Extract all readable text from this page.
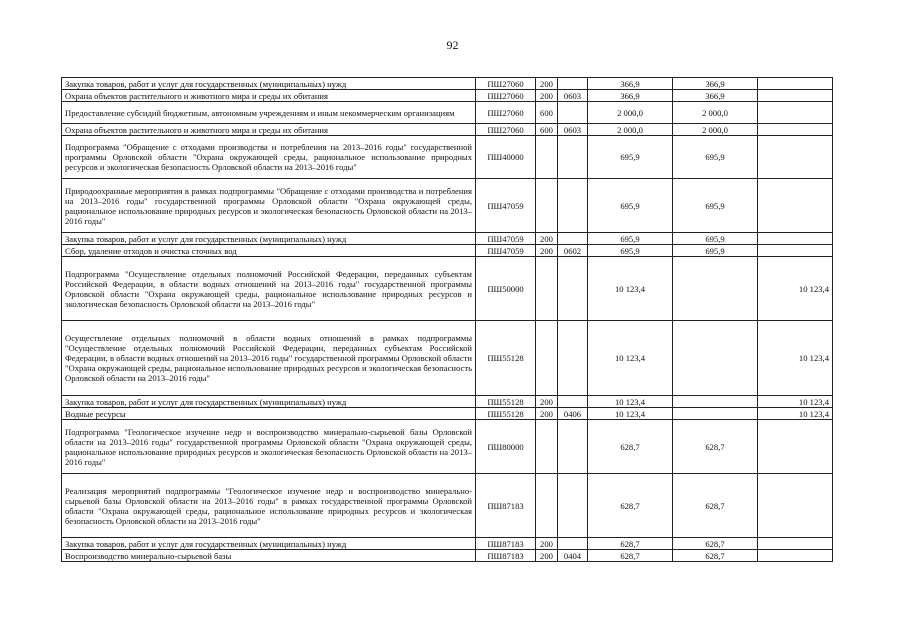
92
Закупка товаров, работ и услуг для государственных (муниципальных) нужд	ПШ27060	200		366,9	366,9	
Охрана объектов растительного и животного мира и среды их обитания	ПШ27060	200	0603	366,9	366,9	
Предоставление субсидий бюджетным, автономным учреждениям и иным некоммерческим организациям	ПШ27060	600		2 000,0	2 000,0	
Охрана объектов растительного и животного мира и среды их обитания	ПШ27060	600	0603	2 000,0	2 000,0	
Подпрограмма "Обращение с отходами производства и потребления на 2013–2016 годы" государственной программы Орловской области "Охрана окружающей среды, рациональное использование природных ресурсов и экологическая безопасность Орловской области на 2013–2016 годы"	ПШ40000			695,9	695,9	
Природоохранные мероприятия в рамках подпрограммы "Обращение с отходами производства и потребления на 2013–2016 годы" государственной программы Орловской области "Охрана окружающей среды, рациональное использование природных ресурсов и экологическая безопасность Орловской области на 2013–2016 годы"	ПШ47059			695,9	695,9	
Закупка товаров, работ и услуг для государственных (муниципальных) нужд	ПШ47059	200		695,9	695,9	
Сбор, удаление отходов и очистка сточных вод	ПШ47059	200	0602	695,9	695,9	
Подпрограмма "Осуществление отдельных полномочий Российской Федерации, переданных субъектам Российской Федерации, в области водных отношений на 2013–2016 годы" государственной программы Орловской области "Охрана окружающей среды, рациональное использование природных ресурсов и экологическая безопасность Орловской области на 2013–2016 годы"	ПШ50000			10 123,4		10 123,4
Осуществление отдельных полномочий в области водных отношений в рамках подпрограммы "Осуществление отдельных полномочий Российской Федерации, переданных субъектам Российской Федерации, в области водных отношений на 2013–2016 годы" государственной программы Орловской области "Охрана окружающей среды, рациональное использование природных ресурсов и экологическая безопасность Орловской области на 2013–2016 годы"	ПШ55128			10 123,4		10 123,4
Закупка товаров, работ и услуг для государственных (муниципальных) нужд	ПШ55128	200		10 123,4		10 123,4
Водные ресурсы	ПШ55128	200	0406	10 123,4		10 123,4
Подпрограмма "Геологическое изучение недр и воспроизводство минерально-сырьевой базы Орловской области на 2013–2016 годы" государственной программы Орловской области "Охрана окружающей среды, рациональное использование природных ресурсов и экологическая безопасность Орловской области на 2013–2016 годы"	ПШ80000			628,7	628,7	
Реализация мероприятий подпрограммы "Геологическое изучение недр и воспроизводство минерально-сырьевой базы Орловской области на 2013–2016 годы" в рамках государственной программы Орловской области "Охрана окружающей среды, рациональное использование природных ресурсов и экологическая безопасность Орловской области на 2013–2016 годы"	ПШ87183			628,7	628,7	
Закупка товаров, работ и услуг для государственных (муниципальных) нужд	ПШ87183	200		628,7	628,7	
Воспроизводство минерально-сырьевой базы	ПШ87183	200	0404	628,7	628,7	
